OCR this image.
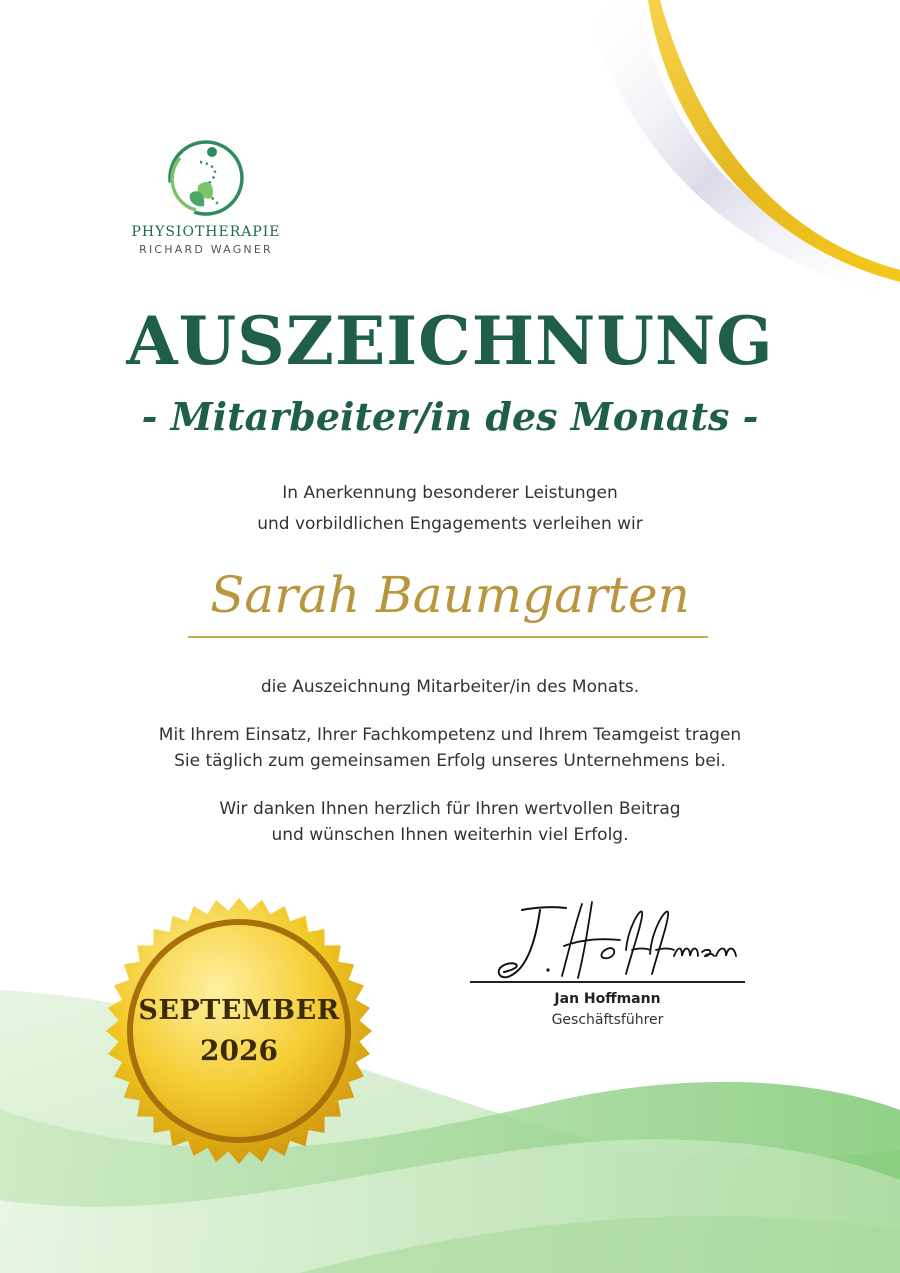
PHYSIOTHERAPIE
RICHARD WAGNER
AUSZEICHNUNG
- Mitarbeiter/in des Monats -
In Anerkennung besonderer Leistungen
und vorbildlichen Engagements verleihen wir
Sarah Baumgarten
die Auszeichnung Mitarbeiter/in des Monats.
Mit Ihrem Einsatz, Ihrer Fachkompetenz und Ihrem Teamgeist tragen
Sie täglich zum gemeinsamen Erfolg unseres Unternehmens bei.
Wir danken Ihnen herzlich für Ihren wertvollen Beitrag
und wünschen Ihnen weiterhin viel Erfolg.
SEPTEMBER
2026
Jan Hoffmann
Geschäftsführer
